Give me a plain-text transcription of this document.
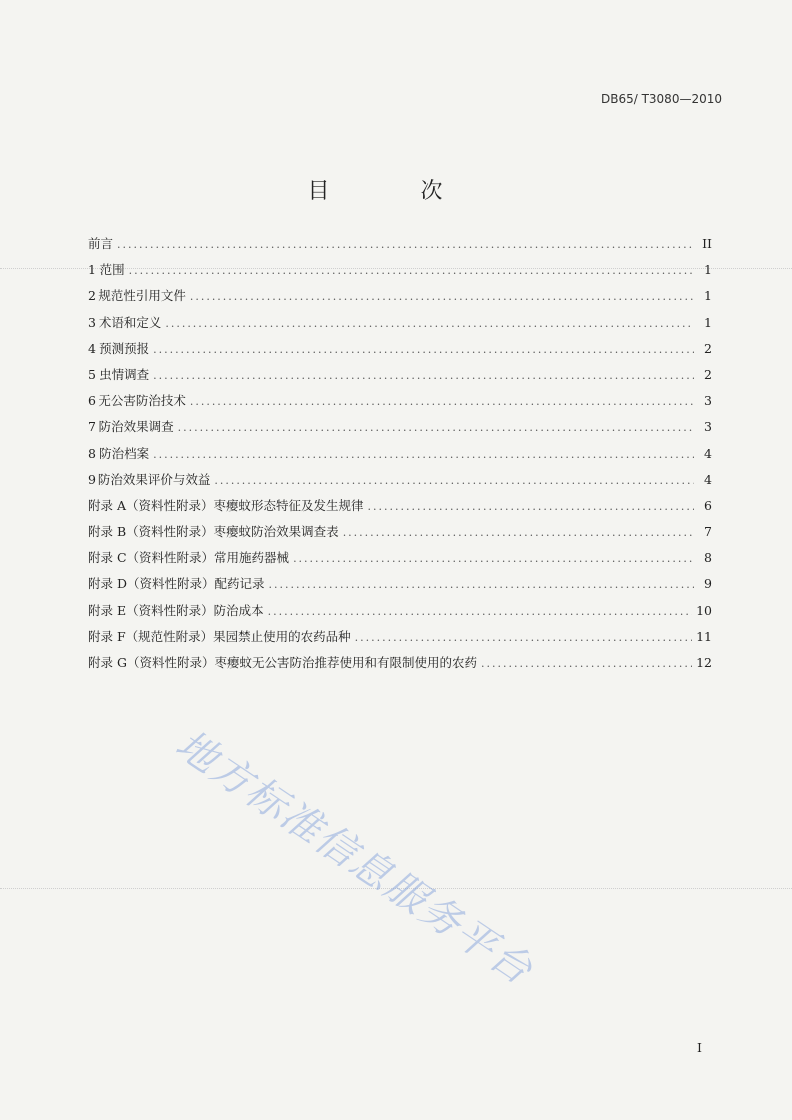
DB65/ T3080—2010
目 次
前言 .....	II
1 范围 .....	1
2 规范性引用文件 .....	1
3 术语和定义 .....	1
4 预测预报 .....	2
5 虫情调查 .....	2
6 无公害防治技术 .....	3
7 防治效果调查 .....	3
8 防治档案 .....	4
9 防治效果评价与效益 .....	4
附录 A（资料性附录） 枣瘿蚊形态特征及发生规律 .....	6
附录 B（资料性附录） 枣瘿蚊防治效果调查表 .....	7
附录 C（资料性附录） 常用施药器械 .....	8
附录 D（资料性附录） 配药记录 .....	9
附录 E（资料性附录） 防治成本 .....	10
附录 F（规范性附录） 果园禁止使用的农药品种 .....	11
附录 G（资料性附录） 枣瘿蚊无公害防治推荐使用和有限制使用的农药 .....	12
地方标准信息服务平台
I
